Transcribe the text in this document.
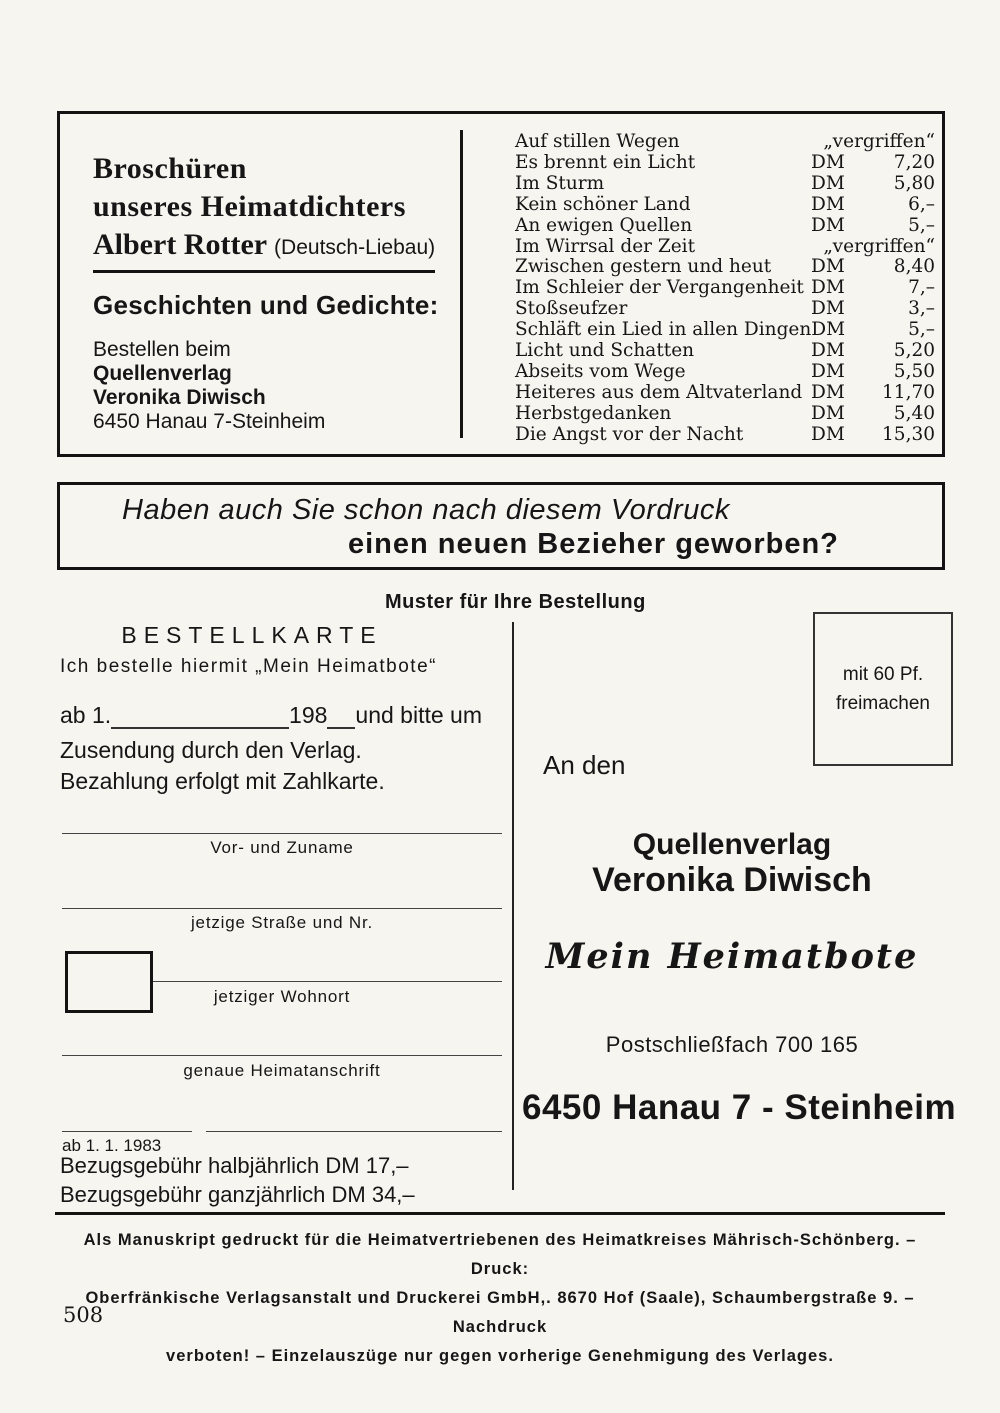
Broschüren
unseres Heimatdichters
Albert Rotter (Deutsch-Liebau)
Geschichten und Gedichte:
Bestellen beim
Quellenverlag
Veronika Diwisch
6450 Hanau 7-Steinheim
Auf stillen Wegen	„vergriffen“
Es brennt ein Licht	DM	7,20
Im Sturm	DM	5,80
Kein schöner Land	DM	6,–
An ewigen Quellen	DM	5,–
Im Wirrsal der Zeit	„vergriffen“
Zwischen gestern und heut	DM	8,40
Im Schleier der Vergangenheit DM	7,–
Stoßseufzer	DM	3,–
Schläft ein Lied in allen Dingen DM	5,–
Licht und Schatten	DM	5,20
Abseits vom Wege	DM	5,50
Heiteres aus dem Altvaterland DM 11,70
Herbstgedanken	DM	5,40
Die Angst vor der Nacht	DM 15,30
Haben auch Sie schon nach diesem Vordruck
einen neuen Bezieher geworben?
Muster für Ihre Bestellung
BESTELLKARTE
Ich bestelle hiermit „Mein Heimatbote“
ab 1.	198 und bitte um
Zusendung durch den Verlag.
Bezahlung erfolgt mit Zahlkarte.
Vor- und Zuname
jetzige Straße und Nr.
jetziger Wohnort
genaue Heimatanschrift
ab 1. 1. 1983
Bezugsgebühr halbjährlich DM 17,–
Bezugsgebühr ganzjährlich DM 34,–
mit 60 Pf.
freimachen
An den
Quellenverlag
Veronika Diwisch
Mein Heimatbote
Postschließfach 700 165
6450 Hanau 7 - Steinheim
Als Manuskript gedruckt für die Heimatvertriebenen des Heimatkreises Mährisch-Schönberg. – Druck:
Oberfränkische Verlagsanstalt und Druckerei GmbH,. 8670 Hof (Saale), Schaumbergstraße 9. – Nachdruck
verboten! – Einzelauszüge nur gegen vorherige Genehmigung des Verlages.
508
